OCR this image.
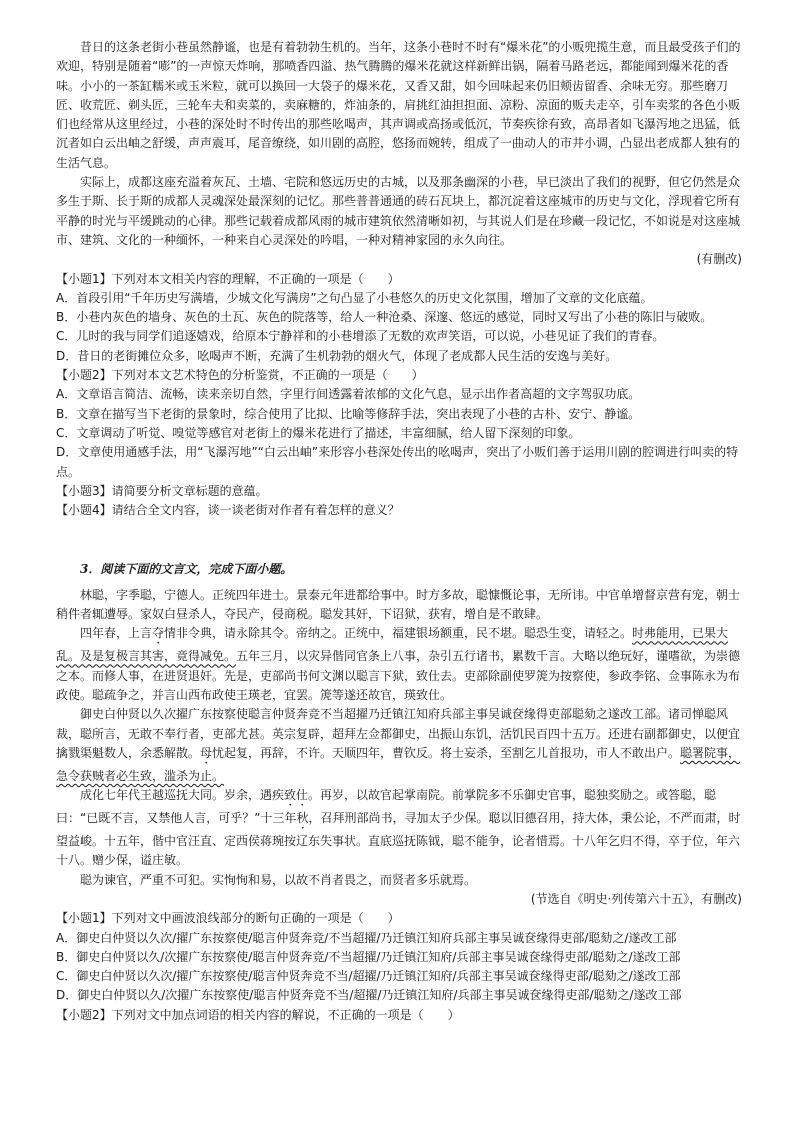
昔日的这条老街小巷虽然静谧，也是有着勃勃生机的。当年，这条小巷时不时有“爆米花”的小贩兜揽生意，而且最受孩子们的欢迎，特别是随着“嘭”的一声惊天炸响，那喷香四溢、热气腾腾的爆米花就这样新鲜出锅，隔着马路老远，都能闻到爆米花的香味。小小的一茶缸糯米或玉米粒，就可以换回一大袋子的爆米花，又香又甜，如今回味起来仍旧颊齿留香、余味无穷。那些磨刀匠、收荒匠、剃头匠，三轮车夫和卖菜的，卖麻糖的，炸油条的，肩挑红油担担面、凉粉、凉面的贩夫走卒，引车卖浆的各色小贩们也经常从这里经过，小巷的深处时不时传出的那些吆喝声，其声调或高扬或低沉，节奏疾徐有致，高昂者如飞瀑泻地之迅猛，低沉者如白云出岫之舒缓，声声震耳，尾音缭绕，如川剧的高腔，悠扬而婉转，组成了一曲动人的市井小调，凸显出老成都人独有的生活气息。

实际上，成都这座充溢着灰瓦、土墙、宅院和悠远历史的古城，以及那条幽深的小巷，早已淡出了我们的视野，但它仍然是众多生于斯、长于斯的成都人灵魂深处最深刻的记忆。那些普普通通的砖石瓦块上，都沉淀着这座城市的历史与文化，浮现着它所有平静的时光与平缓跳动的心律。那些记载着成都风雨的城市建筑依然清晰如初，与其说人们是在珍藏一段记忆，不如说是对这座城市、建筑、文化的一种缅怀，一种来自心灵深处的吟唱，一种对精神家园的永久向往。

(有删改)

【小题1】下列对本文相关内容的理解，不正确的一项是（　　）

A．首段引用“千年历史写满墙，少城文化写满房”之句凸显了小巷悠久的历史文化氛围，增加了文章的文化底蕴。

B．小巷内灰色的墙身、灰色的土瓦、灰色的院落等，给人一种沧桑、深邃、悠远的感觉，同时又写出了小巷的陈旧与破败。

C．儿时的我与同学们追逐嬉戏，给原本宁静祥和的小巷增添了无数的欢声笑语，可以说，小巷见证了我们的青春。

D．昔日的老街摊位众多，吆喝声不断，充满了生机勃勃的烟火气，体现了老成都人民生活的安逸与美好。

【小题2】下列对本文艺术特色的分析鉴赏，不正确的一项是（　　）

A．文章语言简洁、流畅，读来亲切自然，字里行间透露着浓郁的文化气息，显示出作者高超的文字驾驭功底。

B．文章在描写当下老街的景象时，综合使用了比拟、比喻等修辞手法，突出表现了小巷的古朴、安宁、静谧。

C．文章调动了听觉、嗅觉等感官对老街上的爆米花进行了描述，丰富细腻，给人留下深刻的印象。

D．文章使用通感手法，用“飞瀑泻地”“白云出岫”来形容小巷深处传出的吆喝声，突出了小贩们善于运用川剧的腔调进行叫卖的特点。

【小题3】请简要分析文章标题的意蕴。

【小题4】请结合全文内容，谈一谈老街对作者有着怎样的意义？

3．阅读下面的文言文，完成下面小题。

林聪，字季聪，宁德人。正统四年进士。景泰元年进都给事中。时方多故，聪慷慨论事，无所讳。中官单增督京营有宠，朝士稍件者辄遭辱。家奴白昼杀人，夺民产，侵商税。聪发其奸，下诏狱，获宥，增自是不敢肆。

四年春，上言夺情非令典，请永除其令。帝纳之。正统中，福建银场额重，民不堪。聪恐生变，请轻之。时弗能用，已果大乱。及是复极言其害，竟得减免。五年三月，以灾异偕同官条上八事，杂引五行诸书，累数千言。大略以绝玩好，谨嗜欲，为崇德之本。而修人事，在进贤退奸。先是，吏部尚书何文渊以聪言下狱，致仕去。吏部除副使罗箎为按察使，参政李铭、佥事陈永为布政使。聪疏争之，并言山西布政使王瑛老，宜罢。箎等遂还故官，瑛致仕。

御史白仲贤以久次擢广东按察使聪言仲贤奔竞不当超擢乃迁镇江知府兵部主事吴诚奁缘得吏部聪劾之遂改工部。诸司惮聪风裁，聪所言，无敢不奉行者，吏部尤甚。英宗复辟，超拜左佥都御史，出振山东饥，活饥民百四十五万。还进右副都御史，以便宜擒戮渠魁数人，余悉解散。母忧起复，再辞，不许。天顺四年，曹钦反。将士妄杀，至割乞儿首报功，市人不敢出户。聪署院事，急令获贼者必生致，滥杀为止。

成化七年代王越巡抚大同。岁余，遇疾致仕。再岁，以故官起掌南院。前掌院多不乐御史官事，聪独奖励之。或答聪，聪曰：“已既不言，又禁他人言，可乎？”十三年秋，召拜刑部尚书，寻加太子少保。聪以旧德召用，持大体，秉公论，不严而肃，时望益峻。十五年，偕中官汪直、定西侯蒋琬按辽东失事状。直底巡抚陈钺，聪不能争，论者惜焉。十八年乞归不得，卒于位，年六十八。赠少保，谥庄敏。

聪为谏官，严重不可犯。实恂恂和易，以故不肖者畏之，而贤者多乐就焉。

(节选自《明史·列传第六十五》，有删改)

【小题1】下列对文中画波浪线部分的断句正确的一项是（　　）

A．御史白仲贤以久次/擢广东按察使/聪言仲贤奔竞/不当超擢/乃迁镇江知府兵部主事吴诚奁缘得吏部/聪劾之/遂改工部

B．御史白仲贤以久/次擢广东按察使/聪言仲贤奔竞/不当超擢/乃迁镇江知府/兵部主事吴诚奁缘得吏部/聪劾之/遂改工部

C．御史白仲贤以久次/擢广东按察使/聪言仲贤奔竞不当/超擢/乃迁镇江知府/兵部主事吴诚奁缘得吏部/聪劾之/遂改工部

D．御史白仲贤以久/次擢广东按察使/聪言仲贤奔竞不当/超擢/乃迁镇江知府/兵部主事吴诚奁缘得吏部/聪劾之/遂改工部

【小题2】下列对文中加点词语的相关内容的解说，不正确的一项是（　　）
